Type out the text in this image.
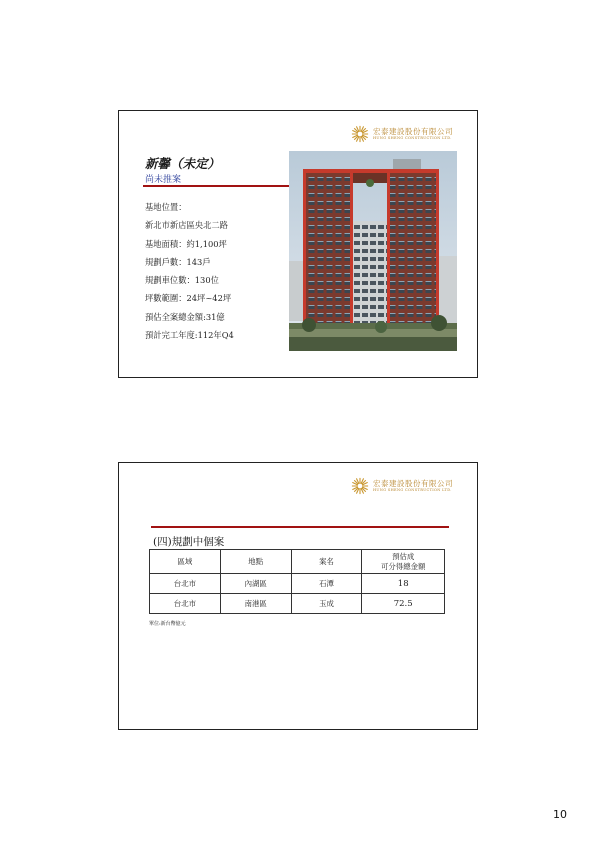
宏泰建設股份有限公司
HUNG SHENG CONSTRUCTION LTD.
新馨（未定）
尚未推案
基地位置：
新北市新店區央北二路
基地面積：約1,100坪
規劃戶數：143戶
規劃車位數：130位
坪數範圍：24坪~42坪
預估全案總金額:31億
預計完工年度:112年Q4
宏泰建設股份有限公司
HUNG SHENG CONSTRUCTION LTD.
(四)規劃中個案
區域	地點	案名	預估成
可分得總金額

台北市	內湖區	石潭	18
台北市	南港區	玉成	72.5
單位:新台幣億元
10
